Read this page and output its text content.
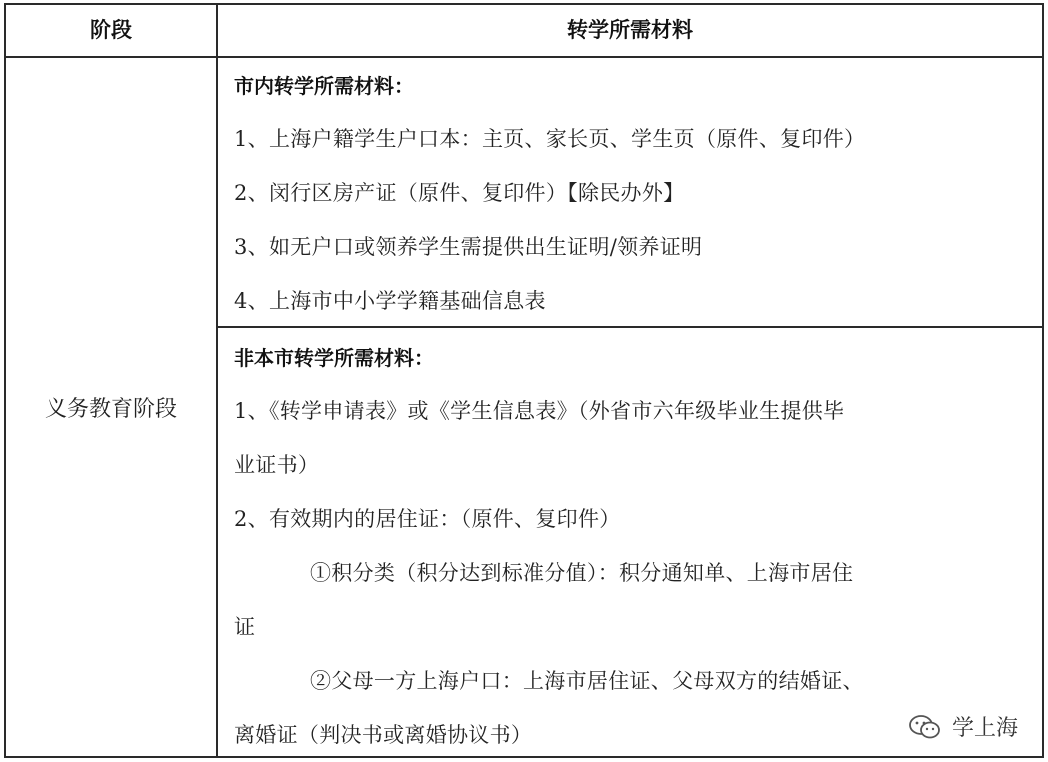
阶段	转学所需材料
义务教育阶段
市内转学所需材料：
1、上海户籍学生户口本：主页、家长页、学生页（原件、复印件）
2、闵行区房产证（原件、复印件）【除民办外】
3、如无户口或领养学生需提供出生证明/领养证明
4、上海市中小学学籍基础信息表
非本市转学所需材料：
1、《转学申请表》或《学生信息表》（外省市六年级毕业生提供毕
业证书）
2、有效期内的居住证：（原件、复印件）
①积分类（积分达到标准分值）：积分通知单、上海市居住
证
②父母一方上海户口：上海市居住证、父母双方的结婚证、
离婚证（判决书或离婚协议书）	学上海
